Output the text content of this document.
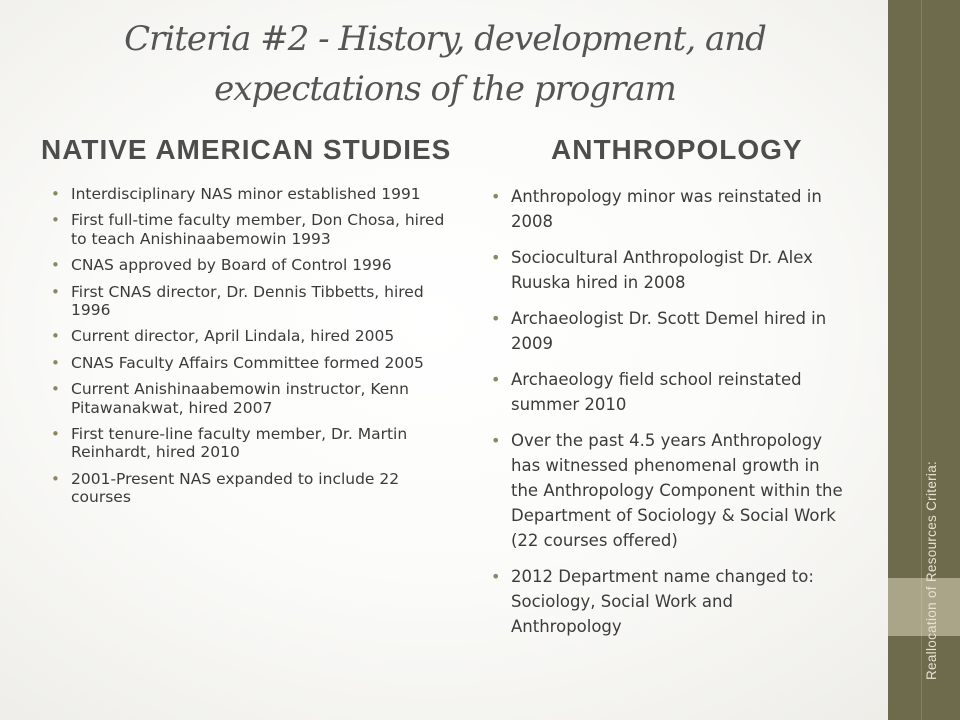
Criteria #2 - History, development, and
expectations of the program
NATIVE AMERICAN STUDIES	ANTHROPOLOGY
• Interdisciplinary NAS minor established 1991
• First full-time faculty member, Don Chosa, hired to teach Anishinaabemowin 1993
• CNAS approved by Board of Control 1996
• First CNAS director, Dr. Dennis Tibbetts, hired 1996
• Current director, April Lindala, hired 2005
• CNAS Faculty Affairs Committee formed 2005
• Current Anishinaabemowin instructor, Kenn Pitawanakwat, hired 2007
• First tenure-line faculty member, Dr. Martin Reinhardt, hired 2010
• 2001-Present NAS expanded to include 22 courses
• Anthropology minor was reinstated in 2008
• Sociocultural Anthropologist Dr. Alex Ruuska hired in 2008
• Archaeologist Dr. Scott Demel hired in 2009
• Archaeology field school reinstated summer 2010
• Over the past 4.5 years Anthropology has witnessed phenomenal growth in the Anthropology Component within the Department of Sociology & Social Work (22 courses offered)
• 2012 Department name changed to: Sociology, Social Work and Anthropology	Reallocation of Resources Criteria:
